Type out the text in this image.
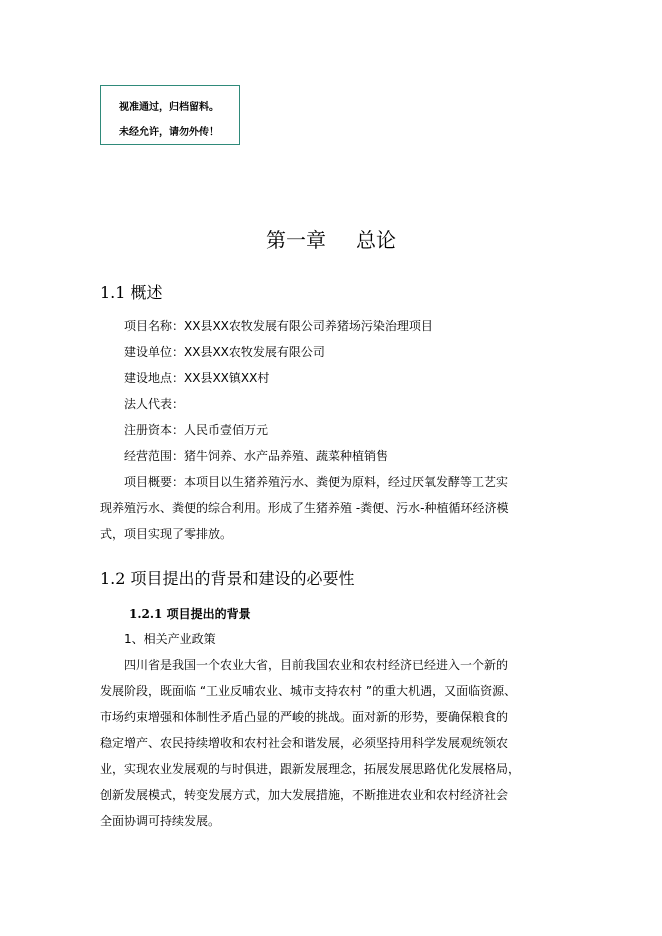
视准通过，归档留料。
未经允许，请勿外传！
第一章 总论
1.1 概述
项目名称：XX县XX农牧发展有限公司养猪场污染治理项目
建设单位：XX县XX农牧发展有限公司
建设地点：XX县XX镇XX村
法人代表：
注册资本：人民币壹佰万元
经营范围：猪牛饲养、水产品养殖、蔬菜种植销售
项目概要：本项目以生猪养殖污水、粪便为原料，经过厌氧发酵等工艺实
现养殖污水、粪便的综合利用。形成了生猪养殖 -粪便、污水-种植循环经济模
式，项目实现了零排放。
1.2 项目提出的背景和建设的必要性
1.2.1 项目提出的背景
1、相关产业政策
四川省是我国一个农业大省，目前我国农业和农村经济已经进入一个新的
发展阶段，既面临 “工业反哺农业、城市支持农村 ”的重大机遇，又面临资源、
市场约束增强和体制性矛盾凸显的严峻的挑战。面对新的形势，要确保粮食的
稳定增产、农民持续增收和农村社会和谐发展，必须坚持用科学发展观统领农
业，实现农业发展观的与时俱进，跟新发展理念，拓展发展思路优化发展格局，
创新发展模式，转变发展方式，加大发展措施，不断推进农业和农村经济社会
全面协调可持续发展。
